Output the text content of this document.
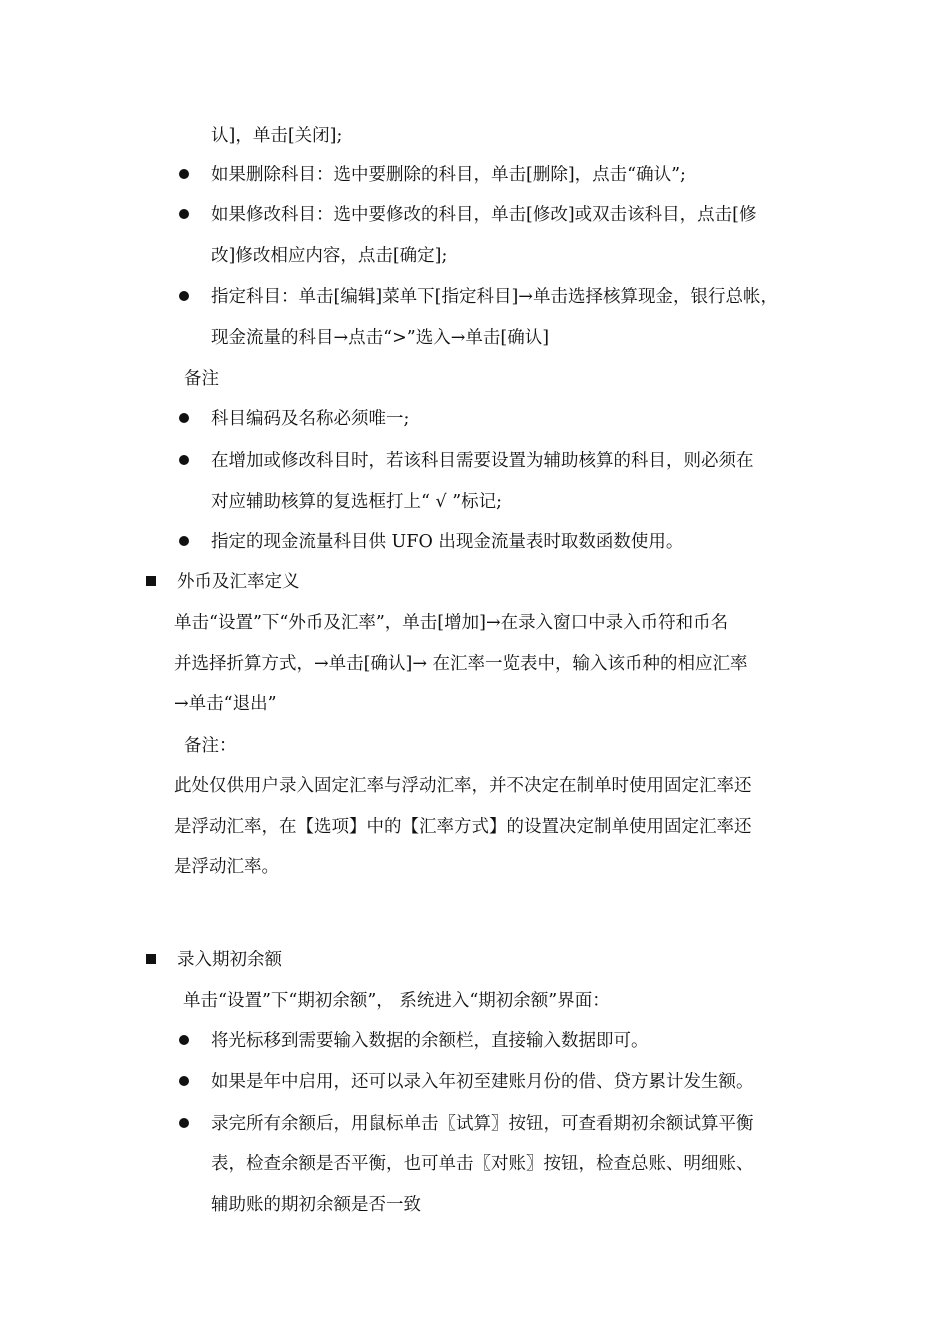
认]，单击[关闭];
如果删除科目：选中要删除的科目，单击[删除]，点击“确认”;
如果修改科目：选中要修改的科目，单击[修改]或双击该科目，点击[修
改]修改相应内容，点击[确定];
指定科目：单击[编辑]菜单下[指定科目]→单击选择核算现金，银行总帐，
现金流量的科目→点击“>”选入→单击[确认]
备注
科目编码及名称必须唯一;
在增加或修改科目时，若该科目需要设置为辅助核算的科目，则必须在
对应辅助核算的复选框打上“ √ ”标记;
指定的现金流量科目供 UFO 出现金流量表时取数函数使用。
外币及汇率定义
单击“设置”下“外币及汇率”，单击[增加]→在录入窗口中录入币符和币名
并选择折算方式，→单击[确认]→ 在汇率一览表中，输入该币种的相应汇率
→单击“退出”
备注：
此处仅供用户录入固定汇率与浮动汇率，并不决定在制单时使用固定汇率还
是浮动汇率，在【选项】中的【汇率方式】的设置决定制单使用固定汇率还
是浮动汇率。
录入期初余额
单击“设置”下“期初余额”， 系统进入“期初余额”界面：
将光标移到需要输入数据的余额栏，直接输入数据即可。
如果是年中启用，还可以录入年初至建账月份的借、贷方累计发生额。
录完所有余额后，用鼠标单击〖试算〗按钮，可查看期初余额试算平衡
表，检查余额是否平衡，也可单击〖对账〗按钮，检查总账、明细账、
辅助账的期初余额是否一致
